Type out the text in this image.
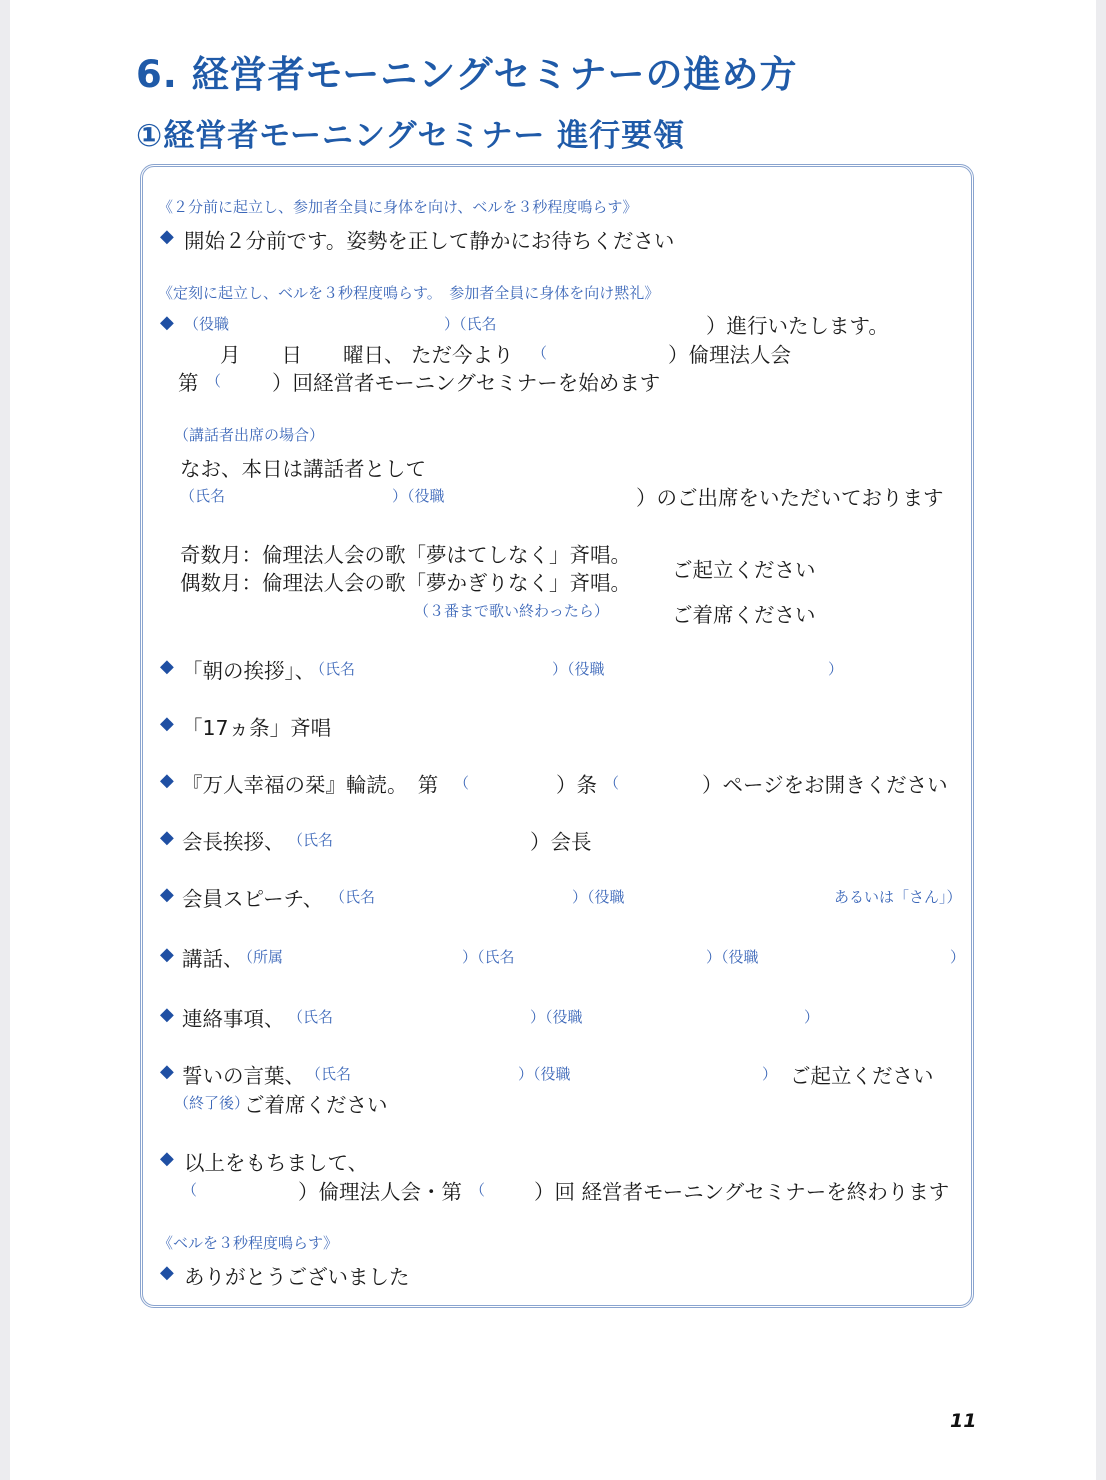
6. 経営者モーニングセミナーの進め方
①経営者モーニングセミナー 進行要領
《２分前に起立し、参加者全員に身体を向け、ベルを３秒程度鳴らす》
◆ 開始２分前です。姿勢を正して静かにお待ちください
《定刻に起立し、ベルを３秒程度鳴らす。　参加者全員に身体を向け黙礼》
◆ （役職	）（氏名	）進行いたします。
月　　日　　曜日、 ただ今より （	）倫理法人会
第 （ ）回経営者モーニングセミナーを始めます
（講話者出席の場合）
なお、本日は講話者として
（氏名	）（役職	）のご出席をいただいております
奇数月：倫理法人会の歌「夢はてしなく」斉唱。
偶数月：倫理法人会の歌「夢かぎりなく」斉唱。
ご起立ください
（３番まで歌い終わったら）	ご着席ください
◆ 「朝の挨拶」、
（氏名	）（役職	）
◆ 「17ヵ条」斉唱
◆ 『万人幸福の栞』輪読。　第 （	）条 （	）ページをお開きください
◆ 会長挨拶、 （氏名	）会長
◆ 会員スピーチ、 （氏名	）（役職	あるいは「さん」）
◆ 講話、
（所属	）（氏名	）（役職	）
◆ 連絡事項、 （氏名	）（役職	）
◆ 誓いの言葉、 （氏名	）（役職	） ご起立ください
（終了後）
ご着席ください
◆ 以上をもちまして、
（	）倫理法人会・第 （ ）回 経営者モーニングセミナーを終わります
《ベルを３秒程度鳴らす》
◆ ありがとうございました
11
